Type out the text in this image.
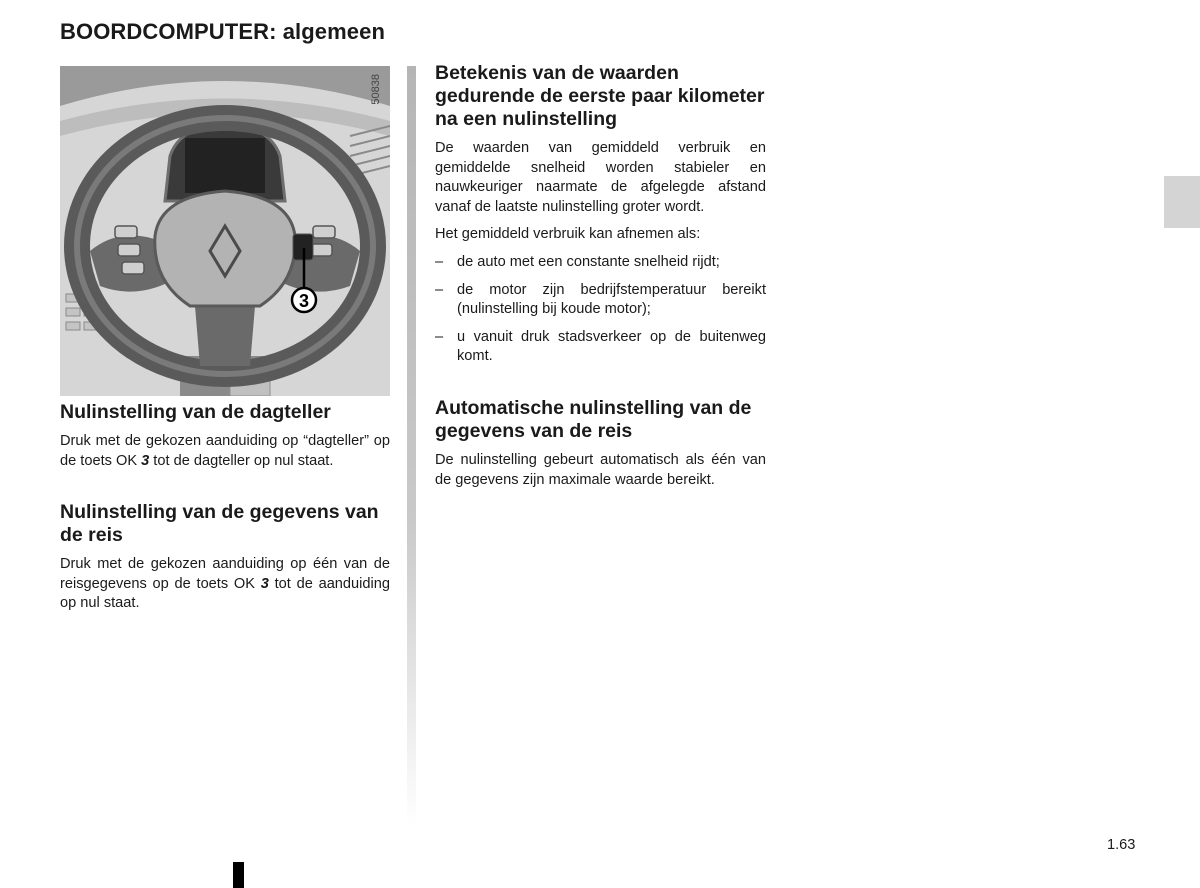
BOORDCOMPUTER: algemeen
3
50838
Nulinstelling van de dagteller

Druk met de gekozen aanduiding op “dagteller” op de toets OK 3 tot de dagteller op nul staat.

Nulinstelling van de gegevens van de reis

Druk met de gekozen aanduiding op één van de reisgegevens op de toets OK 3 tot de aanduiding op nul staat.

Betekenis van de waarden gedurende de eerste paar kilometer na een nulinstelling

De waarden van gemiddeld verbruik en gemiddelde snelheid worden stabieler en nauwkeuriger naarmate de afgelegde afstand vanaf de laatste nulinstelling groter wordt.

Het gemiddeld verbruik kan afnemen als:

– de auto met een constante snelheid rijdt;
– de motor zijn bedrijfstemperatuur bereikt (nulinstelling bij koude motor);
– u vanuit druk stadsverkeer op de buitenweg komt.
Automatische nulinstelling van de gegevens van de reis

De nulinstelling gebeurt automatisch als één van de gegevens zijn maximale waarde bereikt.

1.63
